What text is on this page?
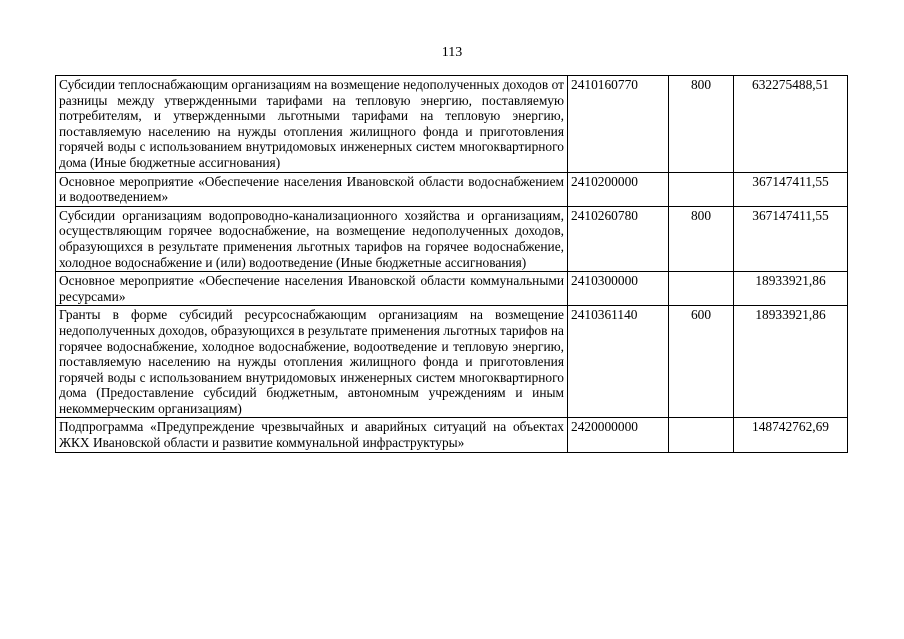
113
Субсидии теплоснабжающим организациям на возмещение недополученных доходов от разницы между утвержденными тарифами на тепловую энергию, поставляемую потребителям, и утвержденными льготными тарифами на тепловую энергию, поставляемую населению на нужды отопления жилищного фонда и приготовления горячей воды с использованием внутридомовых инженерных систем многоквартирного дома (Иные бюджетные ассигнования)	2410160770	800	632275488,51
Основное мероприятие «Обеспечение населения Ивановской области водоснабжением и водоотведением»	2410200000		367147411,55
Субсидии организациям водопроводно-канализационного хозяйства и организациям, осуществляющим горячее водоснабжение, на возмещение недополученных доходов, образующихся в результате применения льготных тарифов на горячее водоснабжение, холодное водоснабжение и (или) водоотведение (Иные бюджетные ассигнования)	2410260780	800	367147411,55
Основное мероприятие «Обеспечение населения Ивановской области коммунальными ресурсами»	2410300000		18933921,86
Гранты в форме субсидий ресурсоснабжающим организациям на возмещение недополученных доходов, образующихся в результате применения льготных тарифов на горячее водоснабжение, холодное водоснабжение, водоотведение и тепловую энергию, поставляемую населению на нужды отопления жилищного фонда и приготовления горячей воды с использованием внутридомовых инженерных систем многоквартирного дома (Предоставление субсидий бюджетным, автономным учреждениям и иным некоммерческим организациям)	2410361140	600	18933921,86
Подпрограмма «Предупреждение чрезвычайных и аварийных ситуаций на объектах ЖКХ Ивановской области и развитие коммунальной инфраструктуры»	2420000000		148742762,69
